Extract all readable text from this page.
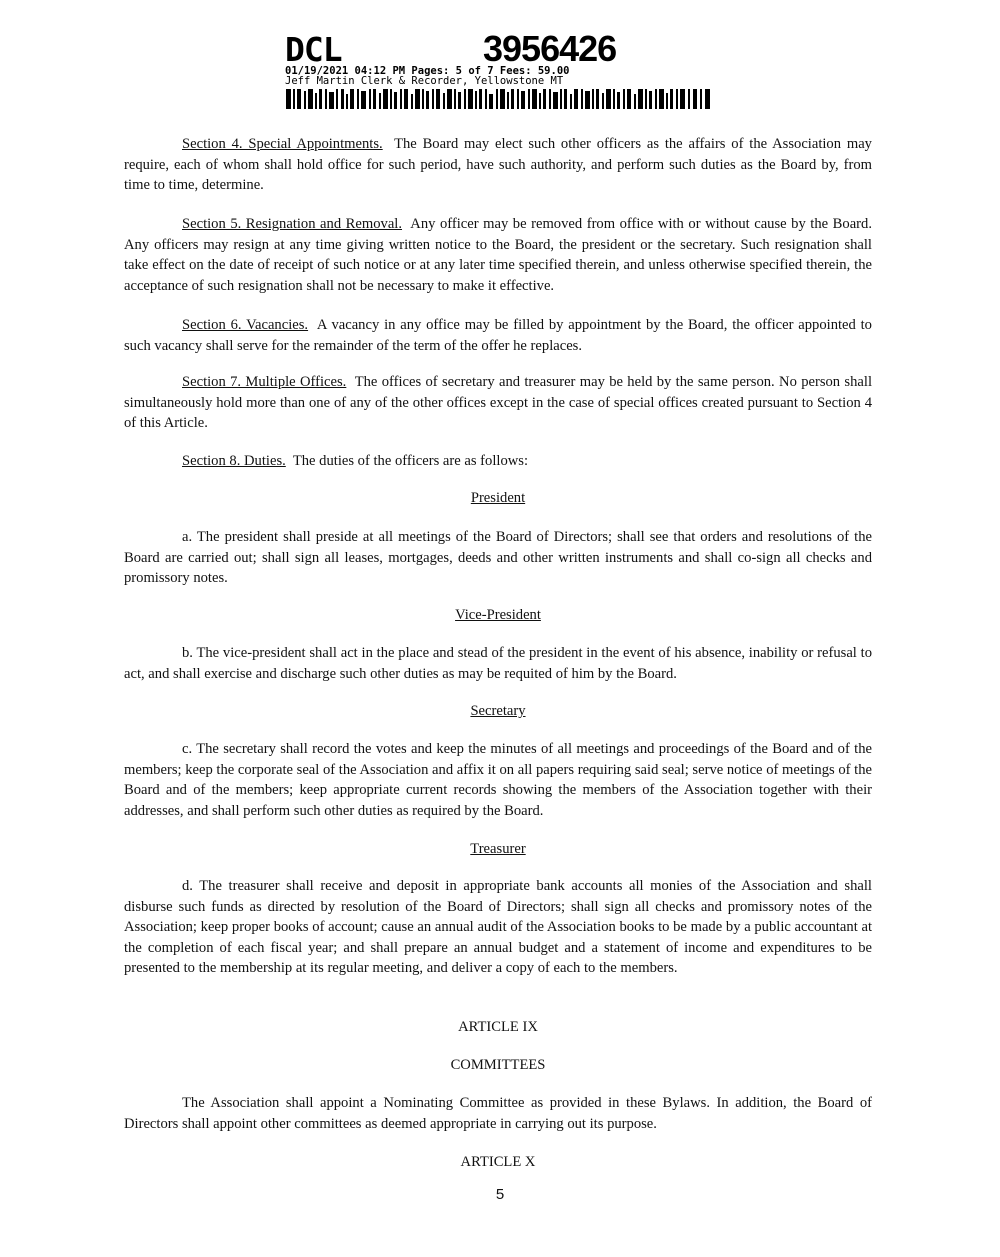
DCL	3956426
01/19/2021 04:12 PM Pages: 5 of 7 Fees: 59.00
Jeff Martin Clerk & Recorder, Yellowstone MT

Section 4. Special Appointments. The Board may elect such other officers as the affairs of the Association may require, each of whom shall hold office for such period, have such authority, and perform such duties as the Board by, from time to time, determine.

Section 5. Resignation and Removal. Any officer may be removed from office with or without cause by the Board. Any officers may resign at any time giving written notice to the Board, the president or the secretary. Such resignation shall take effect on the date of receipt of such notice or at any later time specified therein, and unless otherwise specified therein, the acceptance of such resignation shall not be necessary to make it effective.

Section 6. Vacancies. A vacancy in any office may be filled by appointment by the Board, the officer appointed to such vacancy shall serve for the remainder of the term of the offer he replaces.

Section 7. Multiple Offices. The offices of secretary and treasurer may be held by the same person. No person shall simultaneously hold more than one of any of the other offices except in the case of special offices created pursuant to Section 4 of this Article.

Section 8. Duties. The duties of the officers are as follows:

President

a. The president shall preside at all meetings of the Board of Directors; shall see that orders and resolutions of the Board are carried out; shall sign all leases, mortgages, deeds and other written instruments and shall co-sign all checks and promissory notes.

Vice-President

b. The vice-president shall act in the place and stead of the president in the event of his absence, inability or refusal to act, and shall exercise and discharge such other duties as may be requited of him by the Board.

Secretary

c. The secretary shall record the votes and keep the minutes of all meetings and proceedings of the Board and of the members; keep the corporate seal of the Association and affix it on all papers requiring said seal; serve notice of meetings of the Board and of the members; keep appropriate current records showing the members of the Association together with their addresses, and shall perform such other duties as required by the Board.

Treasurer

d. The treasurer shall receive and deposit in appropriate bank accounts all monies of the Association and shall disburse such funds as directed by resolution of the Board of Directors; shall sign all checks and promissory notes of the Association; keep proper books of account; cause an annual audit of the Association books to be made by a public accountant at the completion of each fiscal year; and shall prepare an annual budget and a statement of income and expenditures to be presented to the membership at its regular meeting, and deliver a copy of each to the members.

ARTICLE IX

COMMITTEES

The Association shall appoint a Nominating Committee as provided in these Bylaws. In addition, the Board of Directors shall appoint other committees as deemed appropriate in carrying out its purpose.

ARTICLE X

5
